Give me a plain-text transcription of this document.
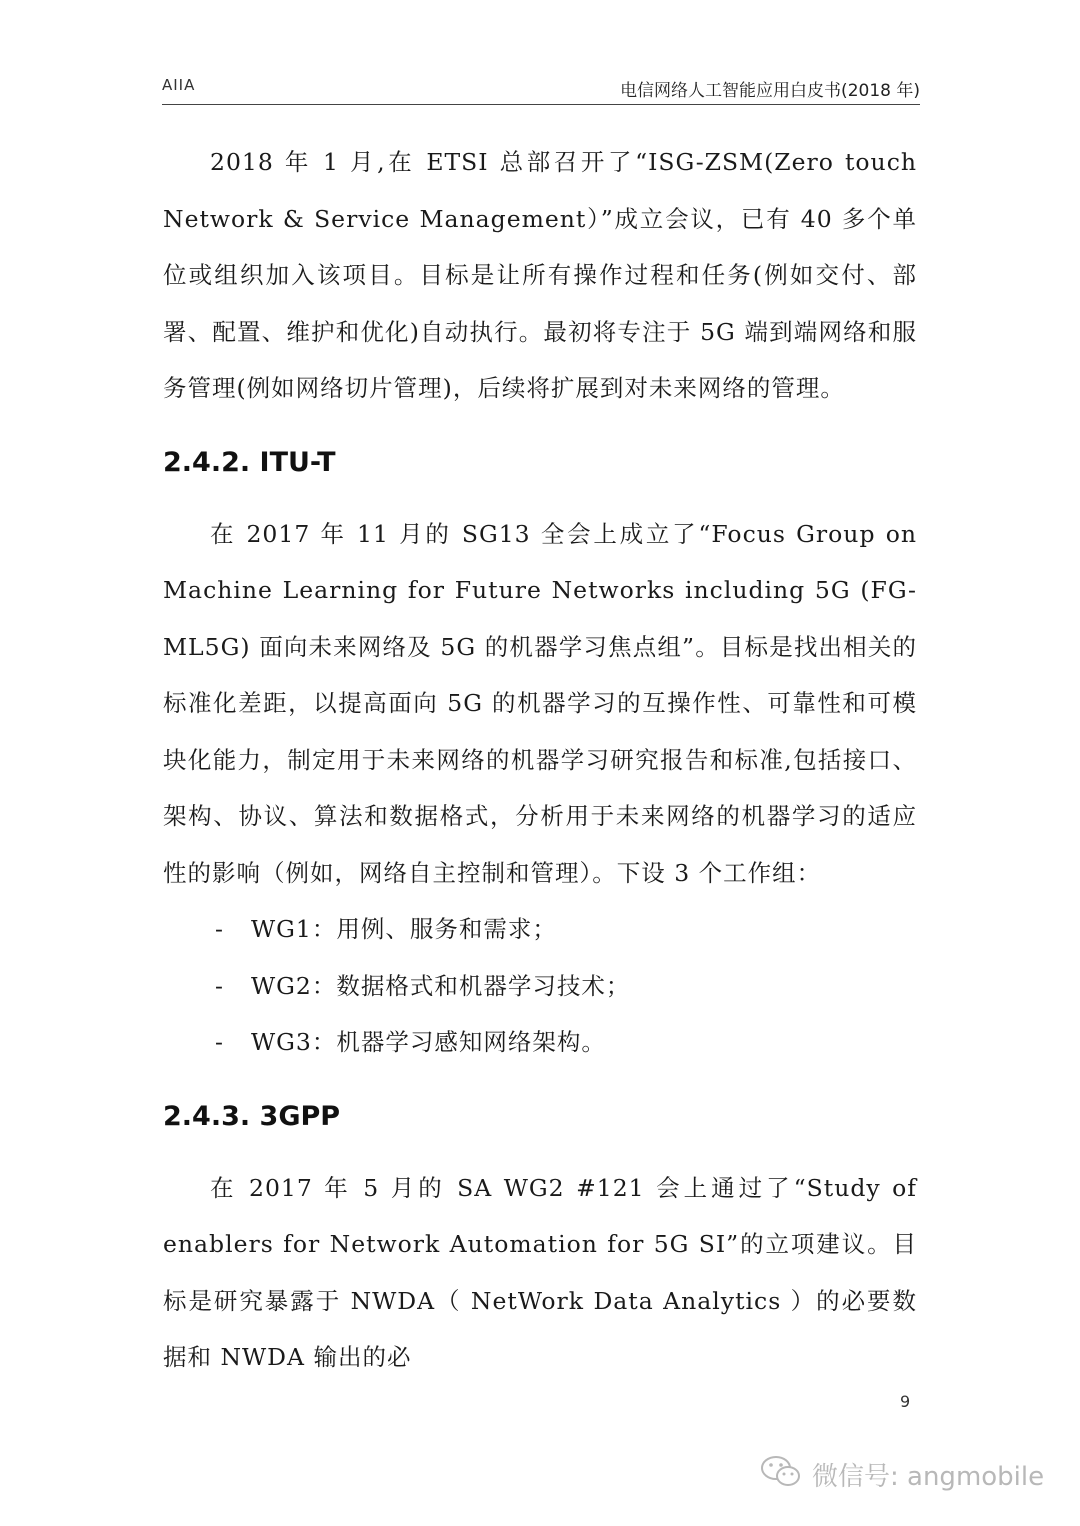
AIIA	电信网络人工智能应用白皮书(2018 年)

2018 年 1 月,在 ETSI 总部召开了“ISG-ZSM(Zero touch Network & Service Management）”成立会议，已有 40 多个单位或组织加入该项目。目标是让所有操作过程和任务(例如交付、部署、配置、维护和优化)自动执行。最初将专注于 5G 端到端网络和服务管理(例如网络切片管理)，后续将扩展到对未来网络的管理。

2.4.2. ITU-T

在 2017 年 11 月的 SG13 全会上成立了“Focus Group on Machine Learning for Future Networks including 5G (FG-ML5G) 面向未来网络及 5G 的机器学习焦点组”。目标是找出相关的标准化差距，以提高面向 5G 的机器学习的互操作性、可靠性和可模块化能力，制定用于未来网络的机器学习研究报告和标准,包括接口、架构、协议、算法和数据格式，分析用于未来网络的机器学习的适应性的影响（例如，网络自主控制和管理）。下设 3 个工作组：

-	WG1：用例、服务和需求；
-	WG2：数据格式和机器学习技术；
-	WG3：机器学习感知网络架构。
2.4.3. 3GPP

在 2017 年 5 月的 SA WG2 #121 会上通过了“Study of enablers for Network Automation for 5G SI”的立项建议。目标是研究暴露于 NWDA（ NetWork Data Analytics ）的必要数据和 NWDA 输出的必

9
微信号: angmobile
